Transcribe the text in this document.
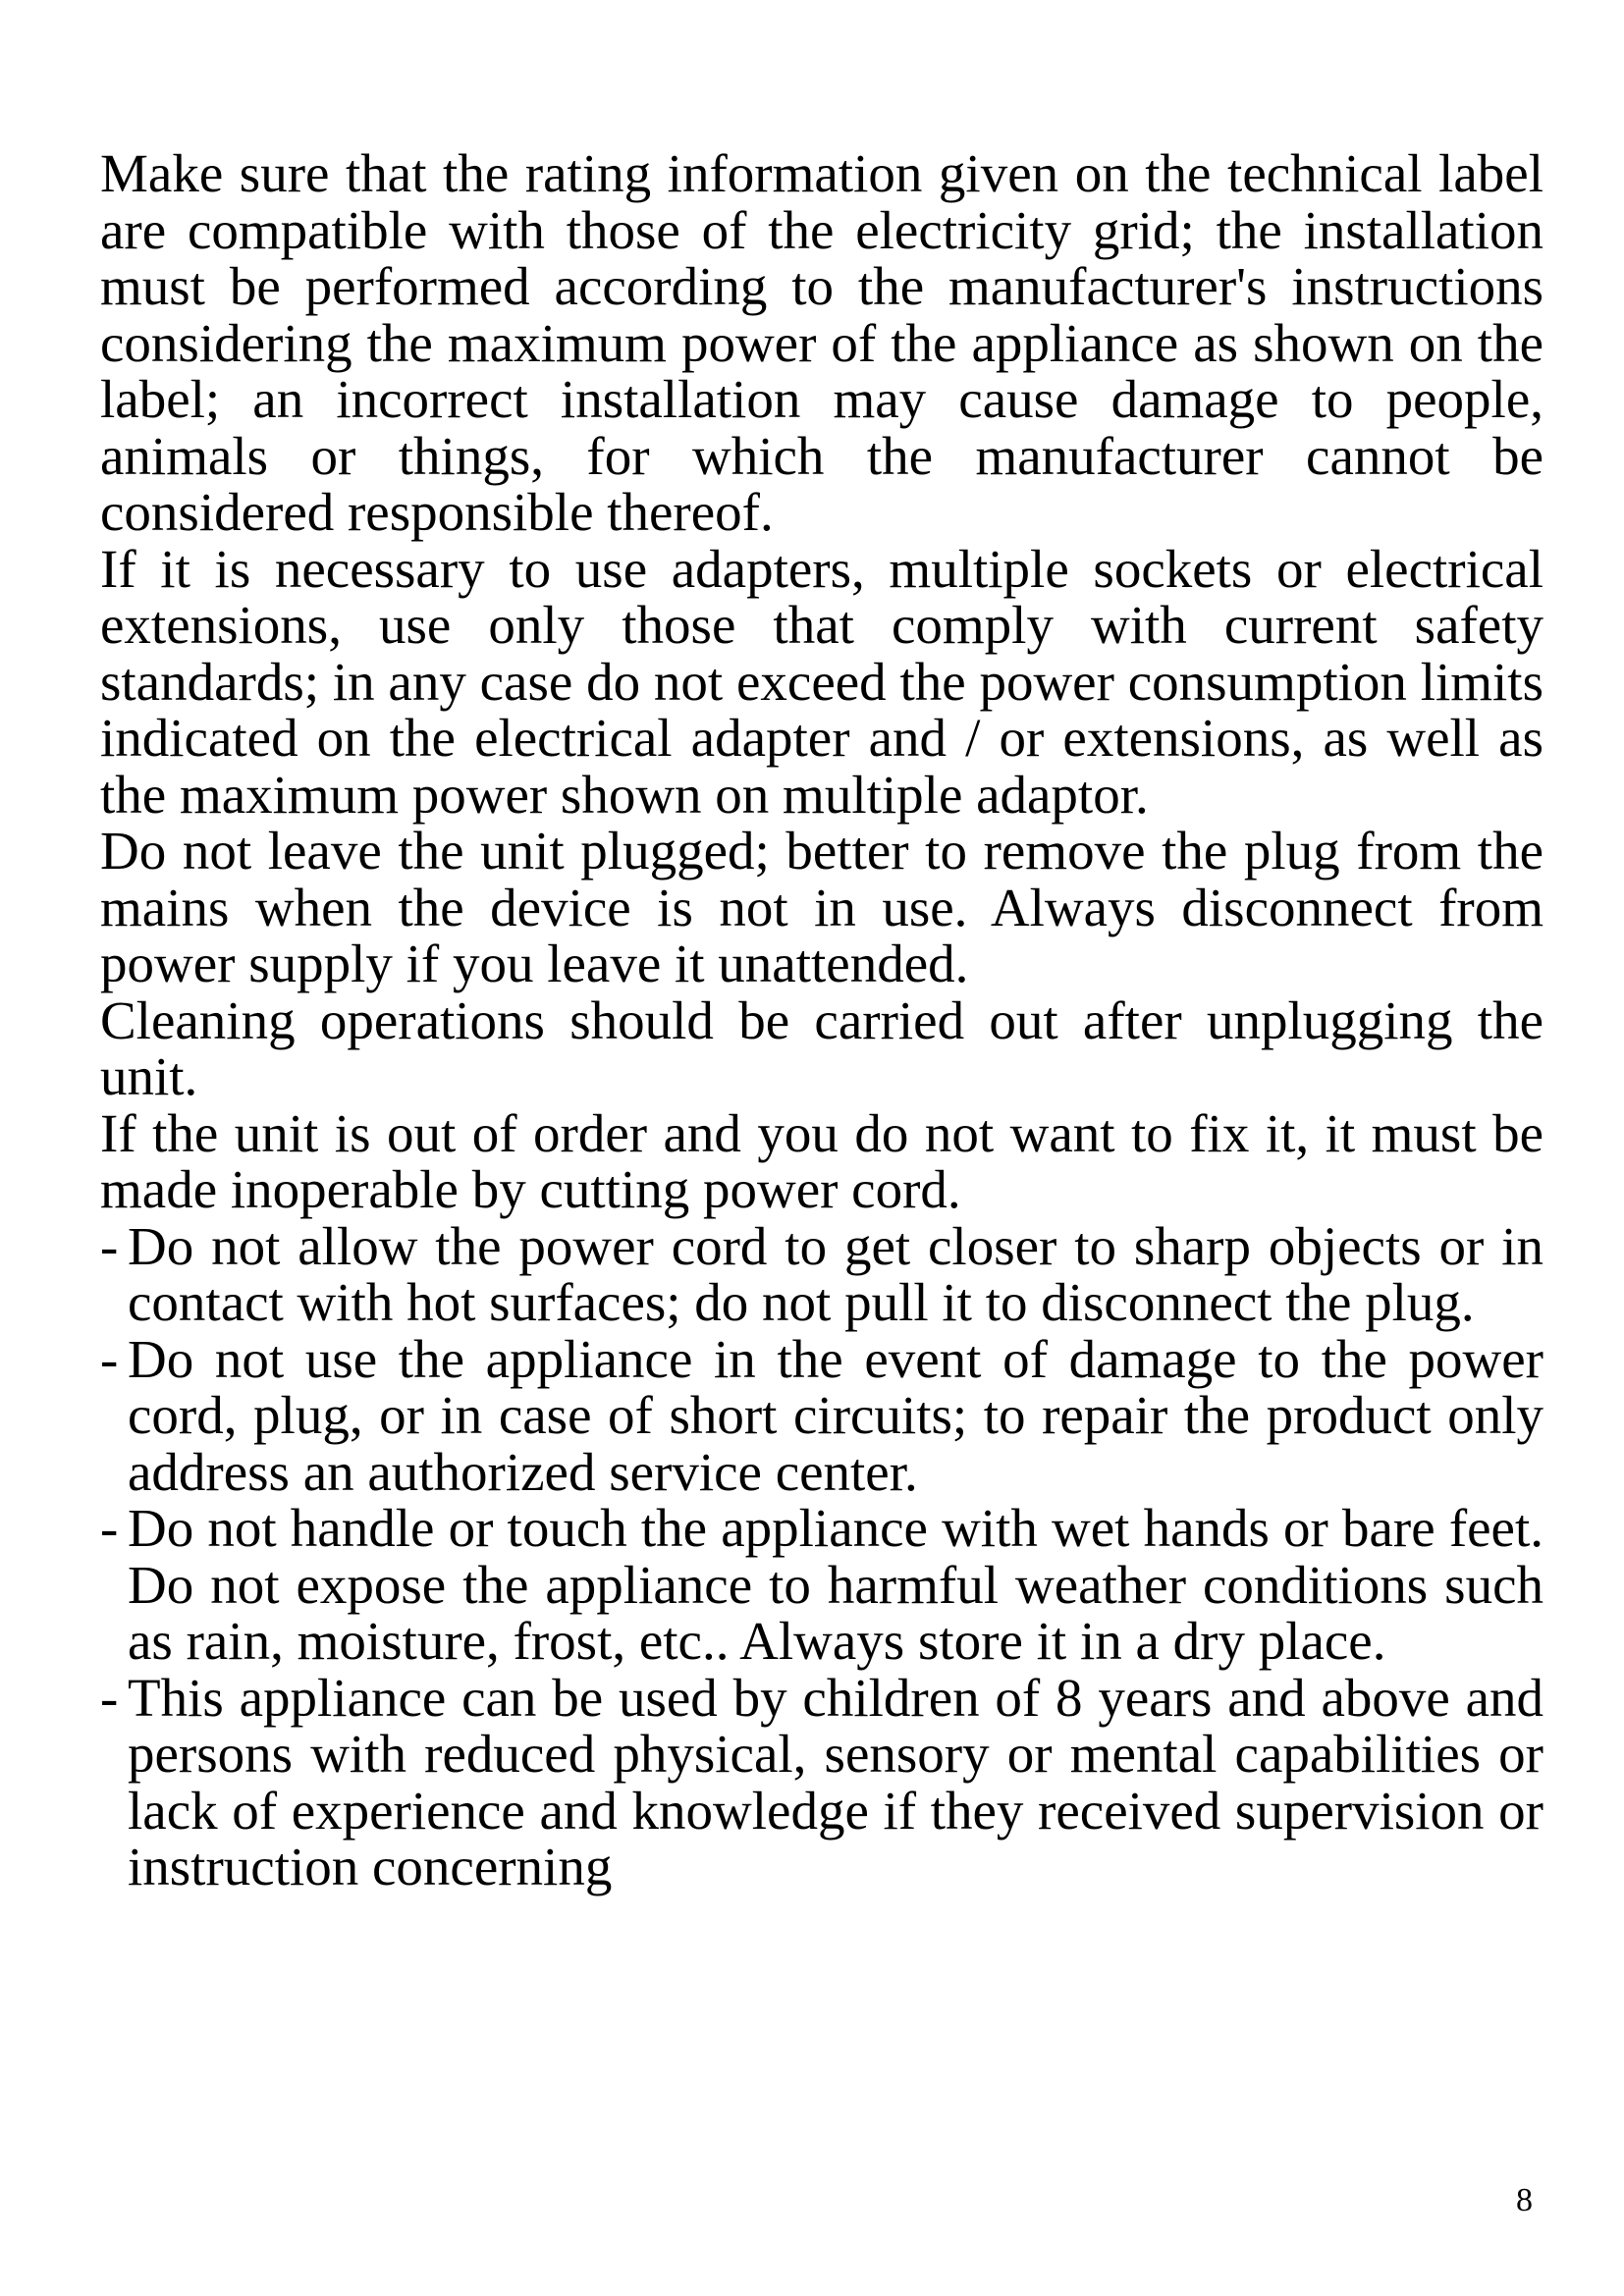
Make sure that the rating information given on the technical label are compatible with those of the electricity grid; the installation must be performed according to the manufacturer's instructions considering the maximum power of the appliance as shown on the label; an incorrect installation may cause damage to people, animals or things, for which the manufacturer cannot be considered responsible thereof.

If it is necessary to use adapters, multiple sockets or electrical extensions, use only those that comply with current safety standards; in any case do not exceed the power consumption limits indicated on the electrical adapter and / or extensions, as well as the maximum power shown on multiple adaptor.

Do not leave the unit plugged; better to remove the plug from the mains when the device is not in use. Always disconnect from power supply if you leave it unattended.

Cleaning operations should be carried out after unplugging the unit.

If the unit is out of order and you do not want to fix it, it must be made inoperable by cutting power cord.

- Do not allow the power cord to get closer to sharp objects or in contact with hot surfaces; do not pull it to disconnect the plug.
- Do not use the appliance in the event of damage to the power cord, plug, or in case of short circuits; to repair the product only address an authorized service center.
- Do not handle or touch the appliance with wet hands or bare feet. Do not expose the appliance to harmful weather conditions such as rain, moisture, frost, etc.. Always store it in a dry place.
- This appliance can be used by children of 8 years and above and persons with reduced physical, sensory or mental capabilities or lack of experience and knowledge if they received supervision or instruction concerning
8
